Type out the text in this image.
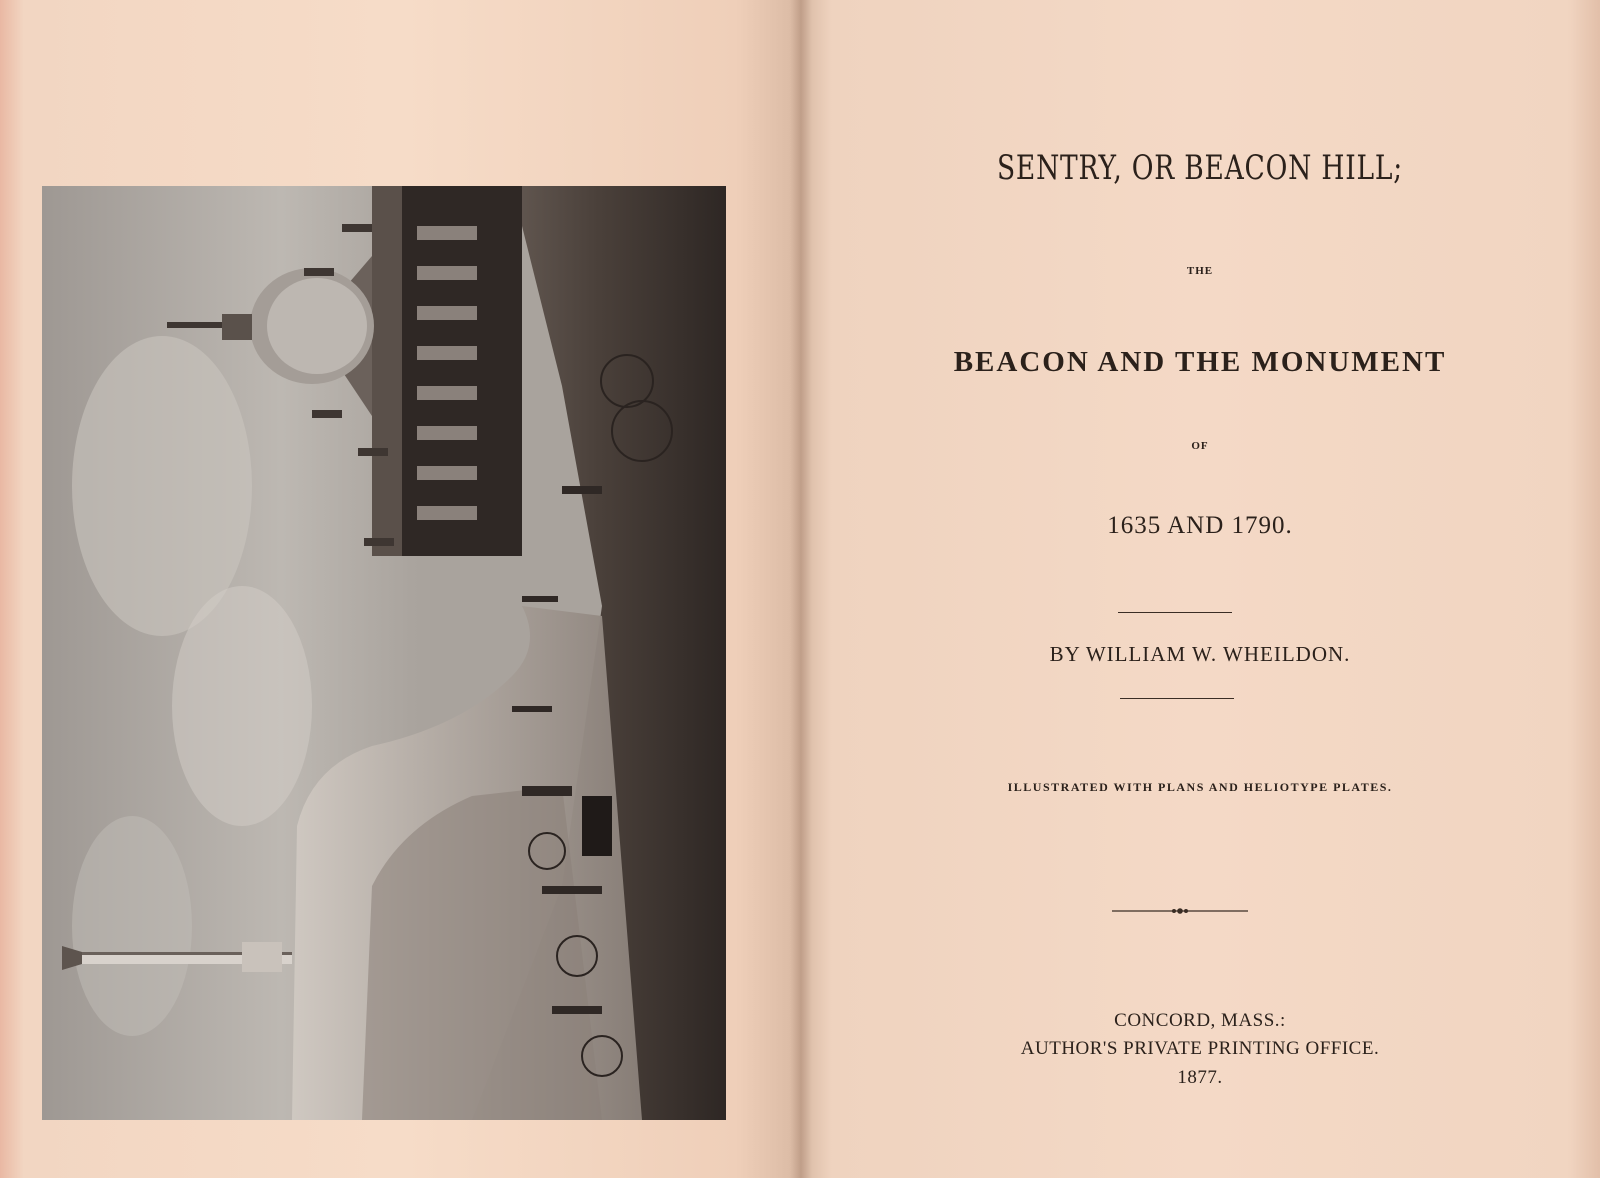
SENTRY, OR BEACON HILL;
THE
BEACON AND THE MONUMENT
OF
1635 AND 1790.
BY WILLIAM W. WHEILDON.
ILLUSTRATED WITH PLANS AND HELIOTYPE PLATES.
CONCORD, MASS.:
AUTHOR'S PRIVATE PRINTING OFFICE.
1877.
